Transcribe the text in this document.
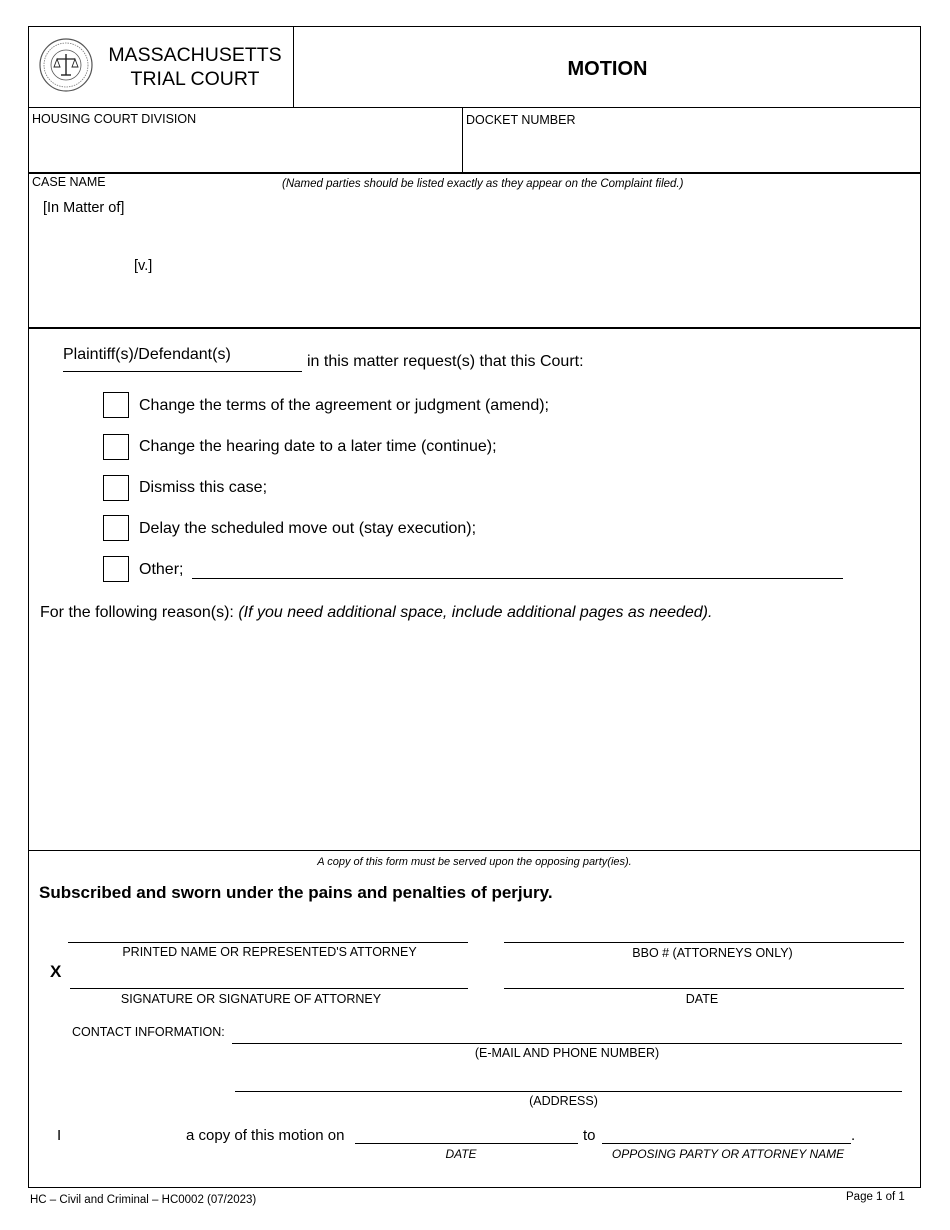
MASSACHUSETTS
TRIAL COURT	MOTION
HOUSING COURT DIVISION	DOCKET NUMBER
CASE NAME	(Named parties should be listed exactly as they appear on the Complaint filed.)
[In Matter of]
[v.]
Plaintiff(s)/Defendant(s)	in this matter request(s) that this Court:
Change the terms of the agreement or judgment (amend);
Change the hearing date to a later time (continue);
Dismiss this case;
Delay the scheduled move out (stay execution);
Other;
For the following reason(s): (If you need additional space, include additional pages as needed).
A copy of this form must be served upon the opposing party(ies).
Subscribed and sworn under the pains and penalties of perjury.
PRINTED NAME OR REPRESENTED'S ATTORNEY	BBO # (ATTORNEYS ONLY)
X
SIGNATURE OR SIGNATURE OF ATTORNEY	DATE
CONTACT INFORMATION:
(E-MAIL AND PHONE NUMBER)
(ADDRESS)
I	a copy of this motion on	to	.
DATE	OPPOSING PARTY OR ATTORNEY NAME
HC – Civil and Criminal – HC0002 (07/2023)	Page 1 of 1
